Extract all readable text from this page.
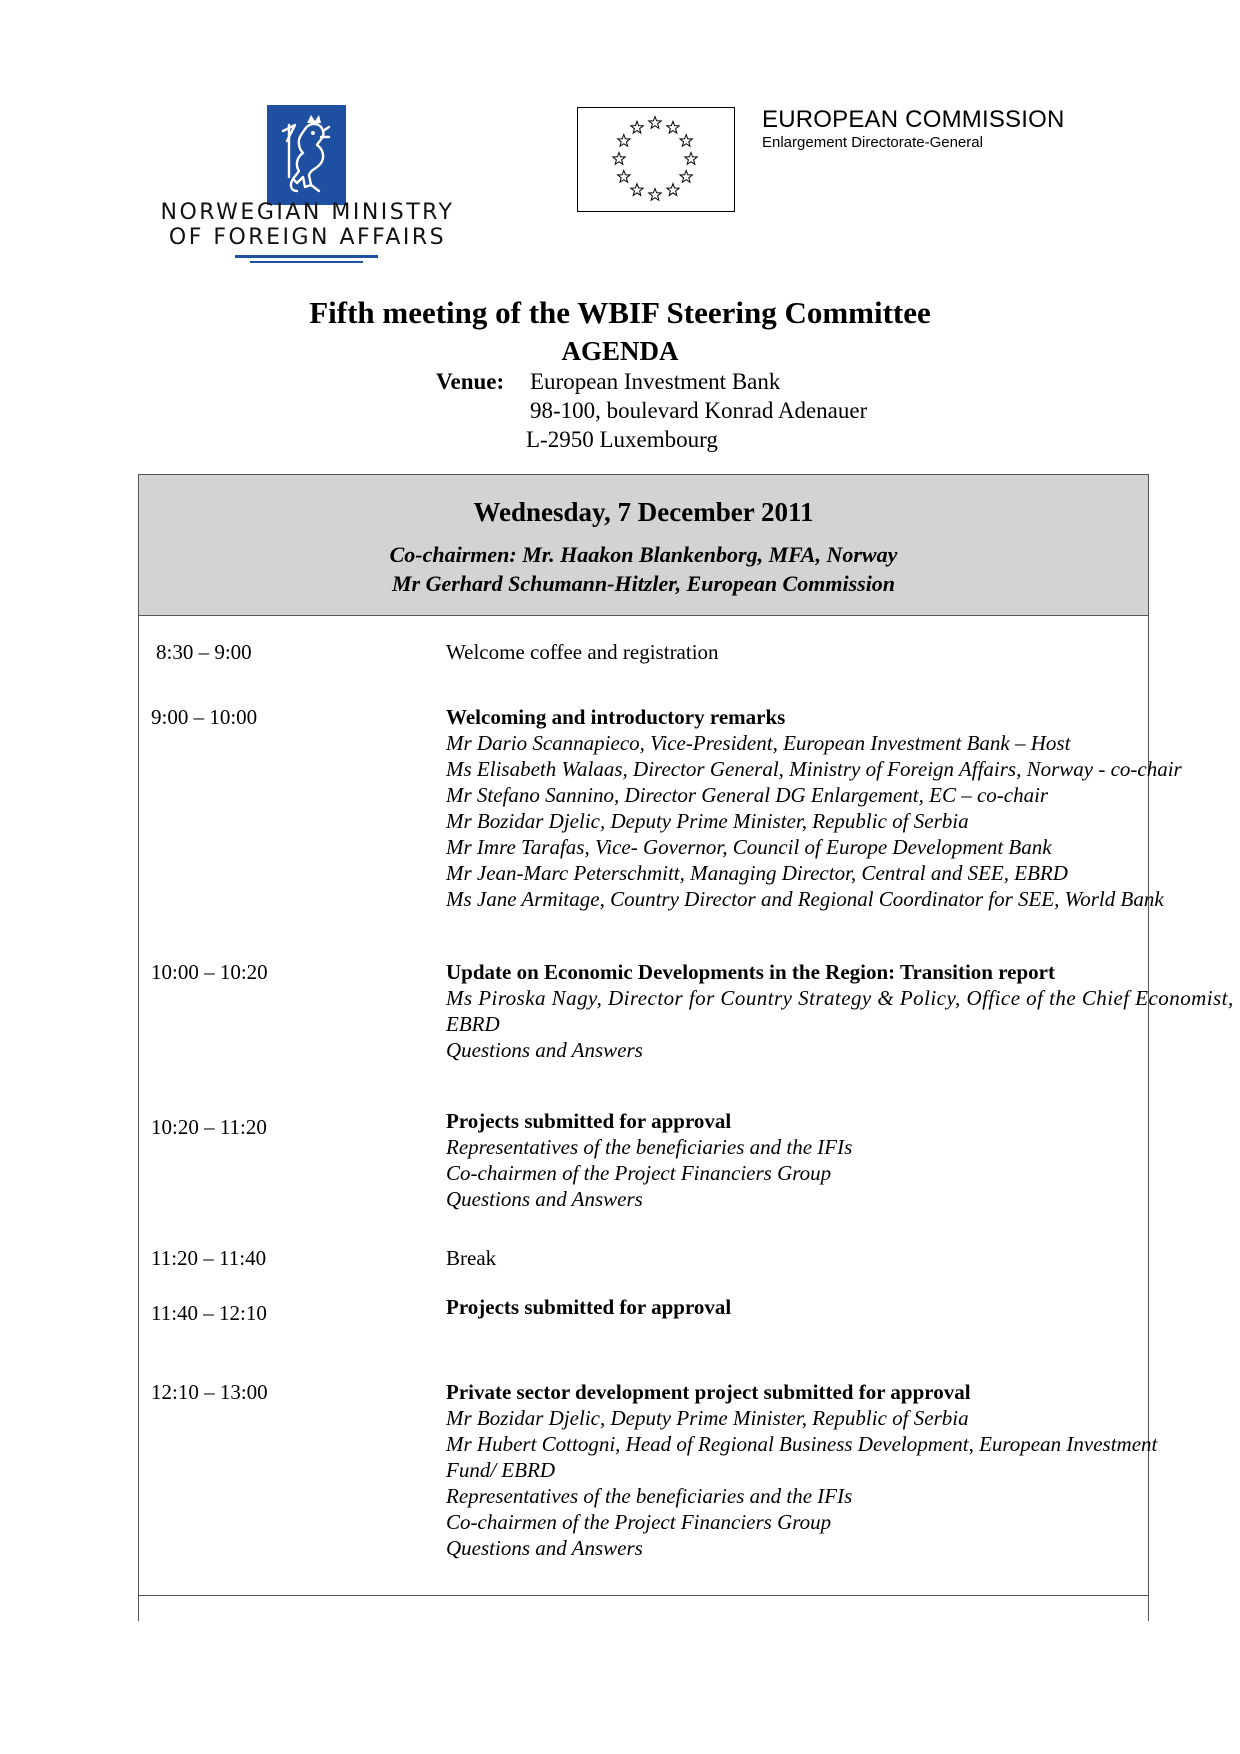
NORWEGIAN MINISTRY
OF FOREIGN AFFAIRS
EUROPEAN COMMISSION
Enlargement Directorate-General
Fifth meeting of the WBIF Steering Committee
AGENDA
Venue: European Investment Bank
98-100, boulevard Konrad Adenauer
L-2950 Luxembourg
Wednesday, 7 December 2011
Co-chairmen: Mr. Haakon Blankenborg, MFA, Norway
Mr Gerhard Schumann-Hitzler, European Commission
8:30 – 9:00	Welcome coffee and registration
9:00 – 10:00	Welcoming and introductory remarks
Mr Dario Scannapieco, Vice-President, European Investment Bank – Host
Ms Elisabeth Walaas, Director General, Ministry of Foreign Affairs, Norway - co-chair
Mr Stefano Sannino, Director General DG Enlargement, EC – co-chair
Mr Bozidar Djelic, Deputy Prime Minister, Republic of Serbia
Mr Imre Tarafas, Vice- Governor, Council of Europe Development Bank
Mr Jean-Marc Peterschmitt, Managing Director, Central and SEE, EBRD
Ms Jane Armitage, Country Director and Regional Coordinator for SEE, World Bank
10:00 – 10:20	Update on Economic Developments in the Region: Transition report
Ms Piroska Nagy, Director for Country Strategy & Policy, Office of the Chief Economist,
EBRD
Questions and Answers
10:20 – 11:20	Projects submitted for approval
Representatives of the beneficiaries and the IFIs
Co-chairmen of the Project Financiers Group
Questions and Answers
11:20 – 11:40	Break
11:40 – 12:10	Projects submitted for approval
12:10 – 13:00	Private sector development project submitted for approval
Mr Bozidar Djelic, Deputy Prime Minister, Republic of Serbia
Mr Hubert Cottogni, Head of Regional Business Development, European Investment
Fund/ EBRD
Representatives of the beneficiaries and the IFIs
Co-chairmen of the Project Financiers Group
Questions and Answers
